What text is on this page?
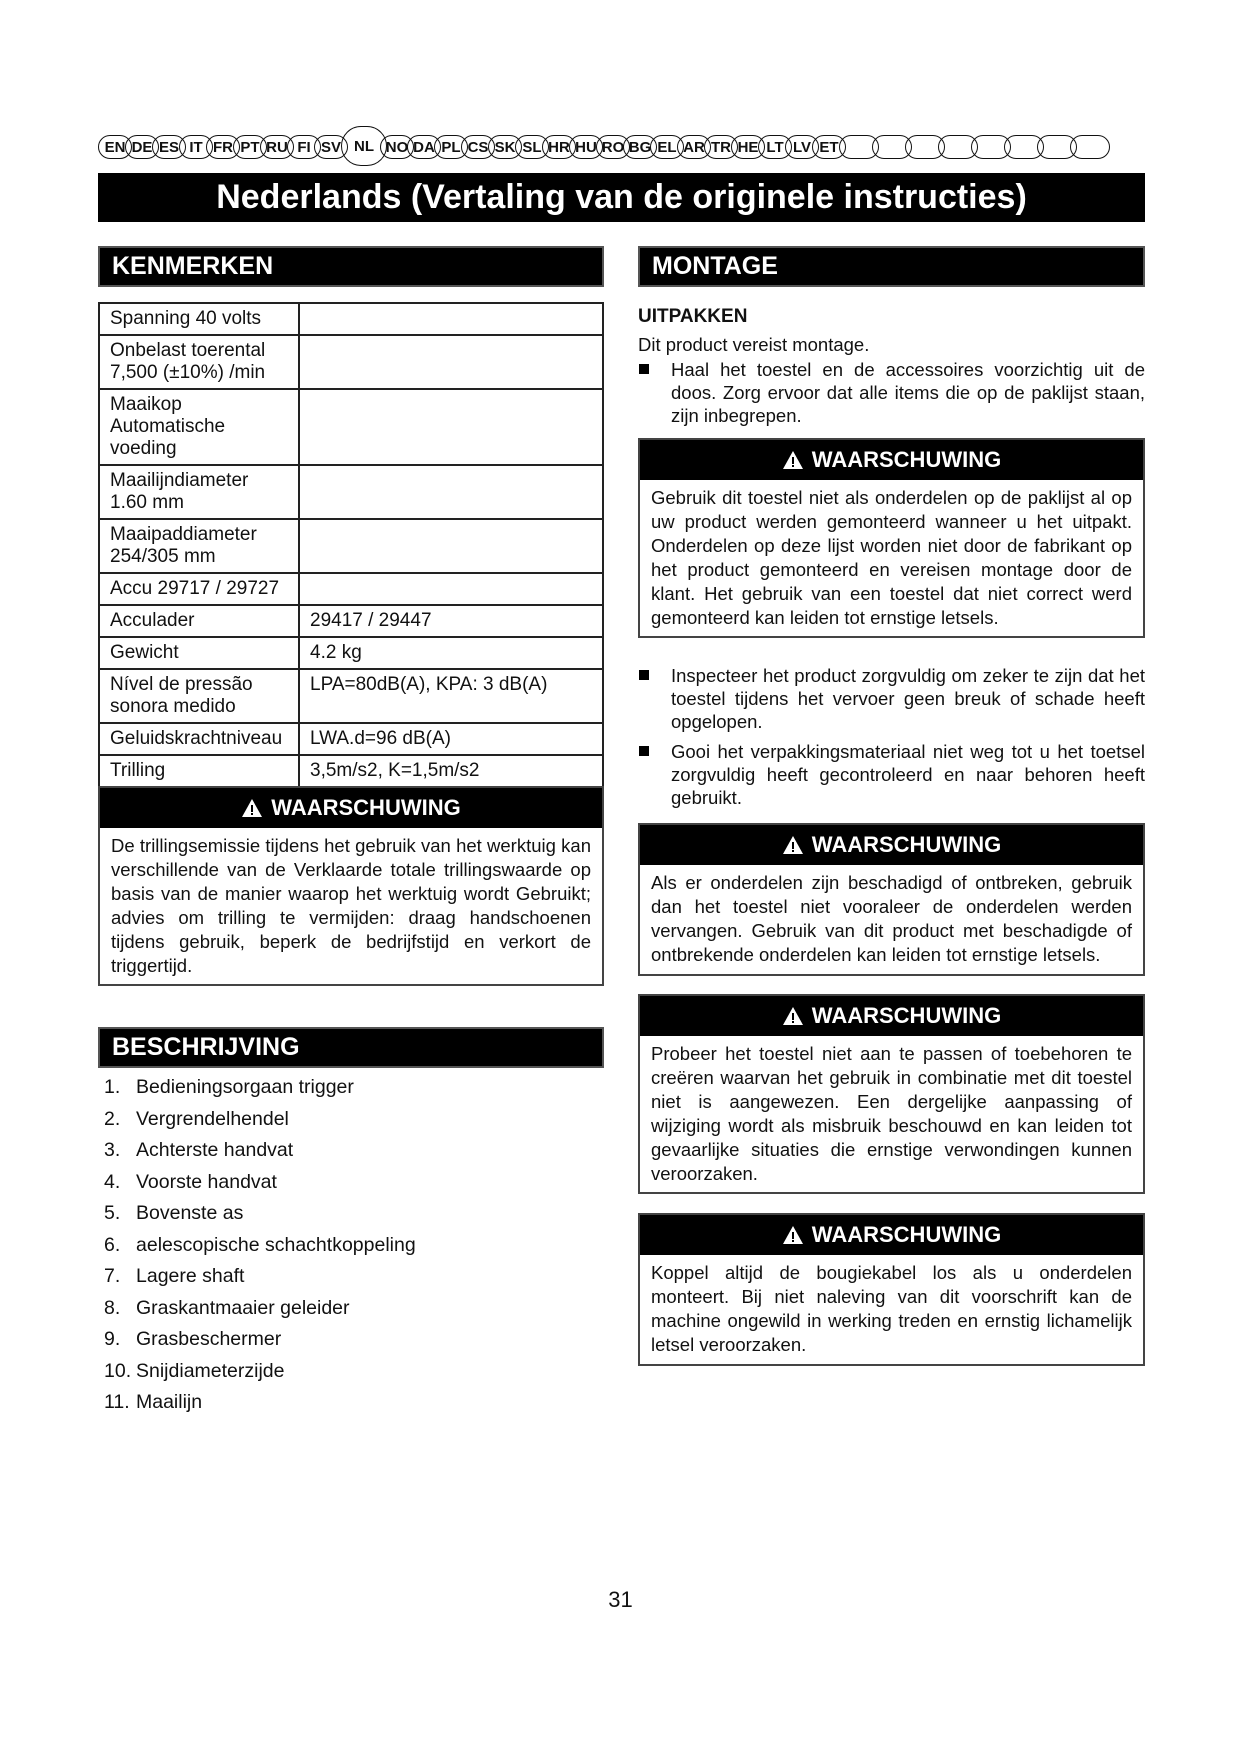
EN DE ES IT FR PT RU FI SV NL NO DA PL CS SK SL HR HU RO BG EL AR TR HE LT LV ET
Nederlands (Vertaling van de originele instructies)
KENMERKEN
Spanning 40 volts	
Onbelast toerental 7,500 (±10%) /min	
Maaikop Automatische voeding	
Maailijndiameter 1.60 mm	
Maaipaddiameter 254/305 mm	
Accu 29717 / 29727	
Acculader	29417 / 29447
Gewicht	4.2 kg
Nível de pressão sonora medido	LPA=80dB(A), KPA: 3 dB(A)
Geluidskrachtniveau	LWA.d=96 dB(A)
Trilling	3,5m/s2, K=1,5m/s2
WAARSCHUWING
De trillingsemissie tijdens het gebruik van het werktuig kan verschillende van de Verklaarde totale trillingswaarde op basis van de manier waarop het werktuig wordt Gebruikt; advies om trilling te vermijden: draag handschoenen tijdens gebruik, beperk de bedrijfstijd en verkort de triggertijd.
BESCHRIJVING
1. Bedieningsorgaan trigger
2. Vergrendelhendel
3. Achterste handvat
4. Voorste handvat
5. Bovenste as
6. aelescopische schachtkoppeling
7. Lagere shaft
8. Graskantmaaier geleider
9. Grasbeschermer
10. Snijdiameterzijde
11. Maailijn
MONTAGE
UITPAKKEN
Dit product vereist montage.
Haal het toestel en de accessoires voorzichtig uit de doos. Zorg ervoor dat alle items die op de paklijst staan, zijn inbegrepen.
WAARSCHUWING
Gebruik dit toestel niet als onderdelen op de paklijst al op uw product werden gemonteerd wanneer u het uitpakt. Onderdelen op deze lijst worden niet door de fabrikant op het product gemonteerd en vereisen montage door de klant. Het gebruik van een toestel dat niet correct werd gemonteerd kan leiden tot ernstige letsels.
Inspecteer het product zorgvuldig om zeker te zijn dat het toestel tijdens het vervoer geen breuk of schade heeft opgelopen.
Gooi het verpakkingsmateriaal niet weg tot u het toetsel zorgvuldig heeft gecontroleerd en naar behoren heeft gebruikt.
WAARSCHUWING
Als er onderdelen zijn beschadigd of ontbreken, gebruik dan het toestel niet vooraleer de onderdelen werden vervangen. Gebruik van dit product met beschadigde of ontbrekende onderdelen kan leiden tot ernstige letsels.
WAARSCHUWING
Probeer het toestel niet aan te passen of toebehoren te creëren waarvan het gebruik in combinatie met dit toestel niet is aangewezen. Een dergelijke aanpassing of wijziging wordt als misbruik beschouwd en kan leiden tot gevaarlijke situaties die ernstige verwondingen kunnen veroorzaken.
WAARSCHUWING
Koppel altijd de bougiekabel los als u onderdelen monteert. Bij niet naleving van dit voorschrift kan de machine ongewild in werking treden en ernstig lichamelijk letsel veroorzaken.
31
